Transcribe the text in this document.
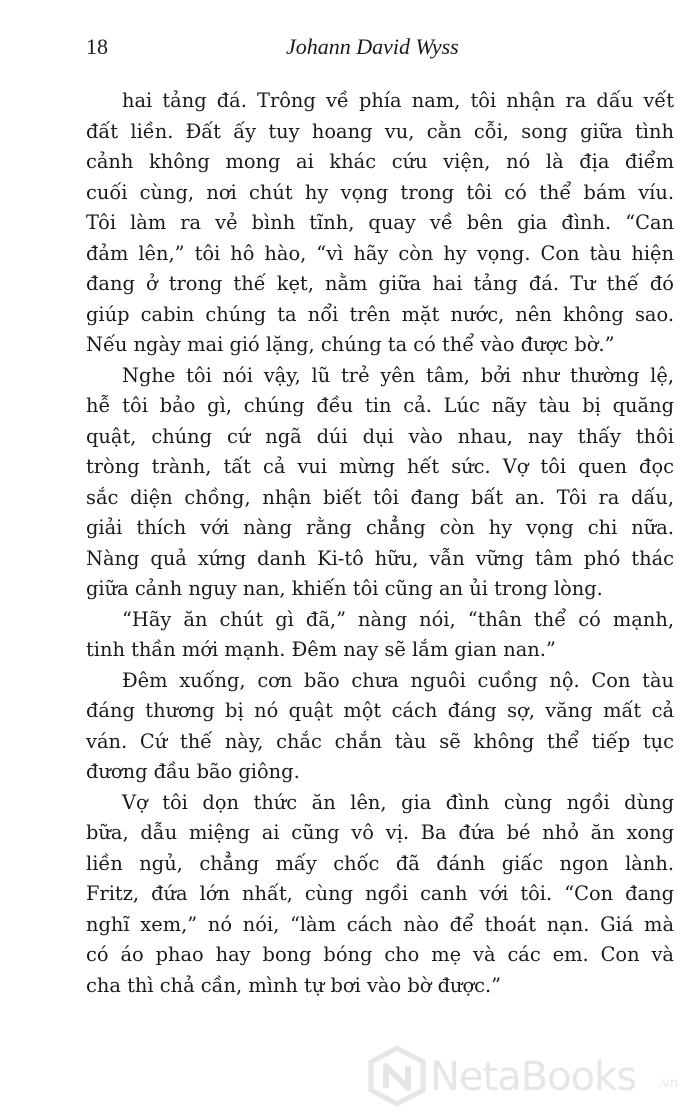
18	Johann David Wyss
hai tảng đá. Trông về phía nam, tôi nhận ra dấu vết
đất liền. Đất ấy tuy hoang vu, cằn cỗi, song giữa tình
cảnh không mong ai khác cứu viện, nó là địa điểm
cuối cùng, nơi chút hy vọng trong tôi có thể bám víu.
Tôi làm ra vẻ bình tĩnh, quay về bên gia đình. “Can
đảm lên,” tôi hô hào, “vì hãy còn hy vọng. Con tàu hiện
đang ở trong thế kẹt, nằm giữa hai tảng đá. Tư thế đó
giúp cabin chúng ta nổi trên mặt nước, nên không sao.
Nếu ngày mai gió lặng, chúng ta có thể vào được bờ.”
Nghe tôi nói vậy, lũ trẻ yên tâm, bởi như thường lệ,
hễ tôi bảo gì, chúng đều tin cả. Lúc nãy tàu bị quăng
quật, chúng cứ ngã dúi dụi vào nhau, nay thấy thôi
tròng trành, tất cả vui mừng hết sức. Vợ tôi quen đọc
sắc diện chồng, nhận biết tôi đang bất an. Tôi ra dấu,
giải thích với nàng rằng chẳng còn hy vọng chi nữa.
Nàng quả xứng danh Ki-tô hữu, vẫn vững tâm phó thác
giữa cảnh nguy nan, khiến tôi cũng an ủi trong lòng.
“Hãy ăn chút gì đã,” nàng nói, “thân thể có mạnh,
tinh thần mới mạnh. Đêm nay sẽ lắm gian nan.”
Đêm xuống, cơn bão chưa nguôi cuồng nộ. Con tàu
đáng thương bị nó quật một cách đáng sợ, văng mất cả
ván. Cứ thế này, chắc chắn tàu sẽ không thể tiếp tục
đương đầu bão giông.
Vợ tôi dọn thức ăn lên, gia đình cùng ngồi dùng
bữa, dẫu miệng ai cũng vô vị. Ba đứa bé nhỏ ăn xong
liền ngủ, chẳng mấy chốc đã đánh giấc ngon lành.
Fritz, đứa lớn nhất, cùng ngồi canh với tôi. “Con đang
nghĩ xem,” nó nói, “làm cách nào để thoát nạn. Giá mà
có áo phao hay bong bóng cho mẹ và các em. Con và
cha thì chả cần, mình tự bơi vào bờ được.”
NetaBooks .vn
